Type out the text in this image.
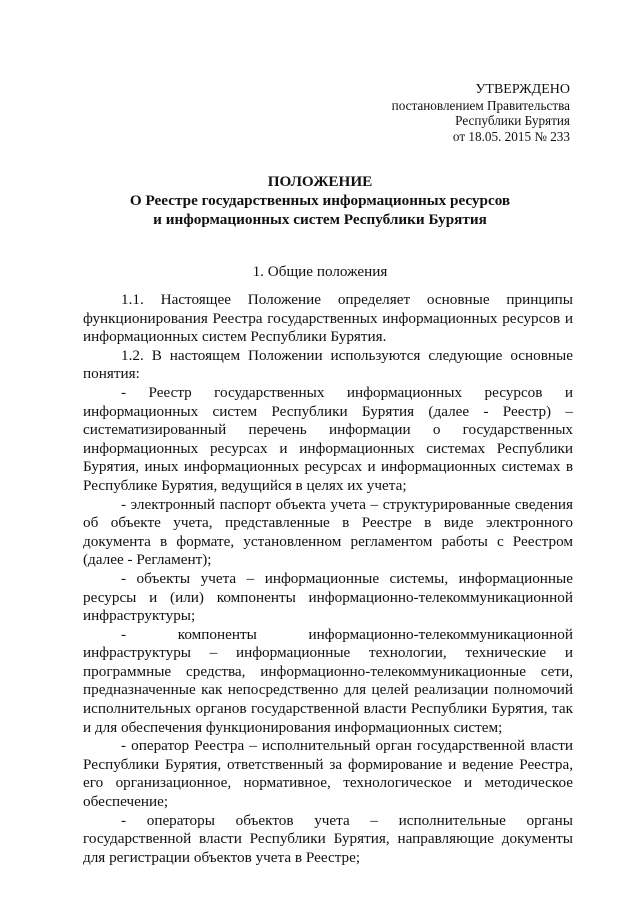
УТВЕРЖДЕНО
постановлением Правительства
Республики Бурятия
от 18.05. 2015 № 233
ПОЛОЖЕНИЕ
О Реестре государственных информационных ресурсов
и информационных систем Республики Бурятия
1. Общие положения

1.1. Настоящее Положение определяет основные принципы функционирования Реестра государственных информационных ресурсов и информационных систем Республики Бурятия.

1.2. В настоящем Положении используются следующие основные понятия:

- Реестр государственных информационных ресурсов и информационных систем Республики Бурятия (далее - Реестр) – систематизированный перечень информации о государственных информационных ресурсах и информационных системах Республики Бурятия, иных информационных ресурсах и информационных системах в Республике Бурятия, ведущийся в целях их учета;

- электронный паспорт объекта учета – структурированные сведения об объекте учета, представленные в Реестре в виде электронного документа в формате, установленном регламентом работы с Реестром (далее - Регламент);

- объекты учета – информационные системы, информационные ресурсы и (или) компоненты информационно-телекоммуникационной инфраструктуры;

- компоненты информационно-телекоммуникационной инфраструктуры – информационные технологии, технические и программные средства, информационно-телекоммуникационные сети, предназначенные как непосредственно для целей реализации полномочий исполнительных органов государственной власти Республики Бурятия, так и для обеспечения функционирования информационных систем;

- оператор Реестра – исполнительный орган государственной власти Республики Бурятия, ответственный за формирование и ведение Реестра, его организационное, нормативное, технологическое и методическое обеспечение;

- операторы объектов учета – исполнительные органы государственной власти Республики Бурятия, направляющие документы для регистрации объектов учета в Реестре;
